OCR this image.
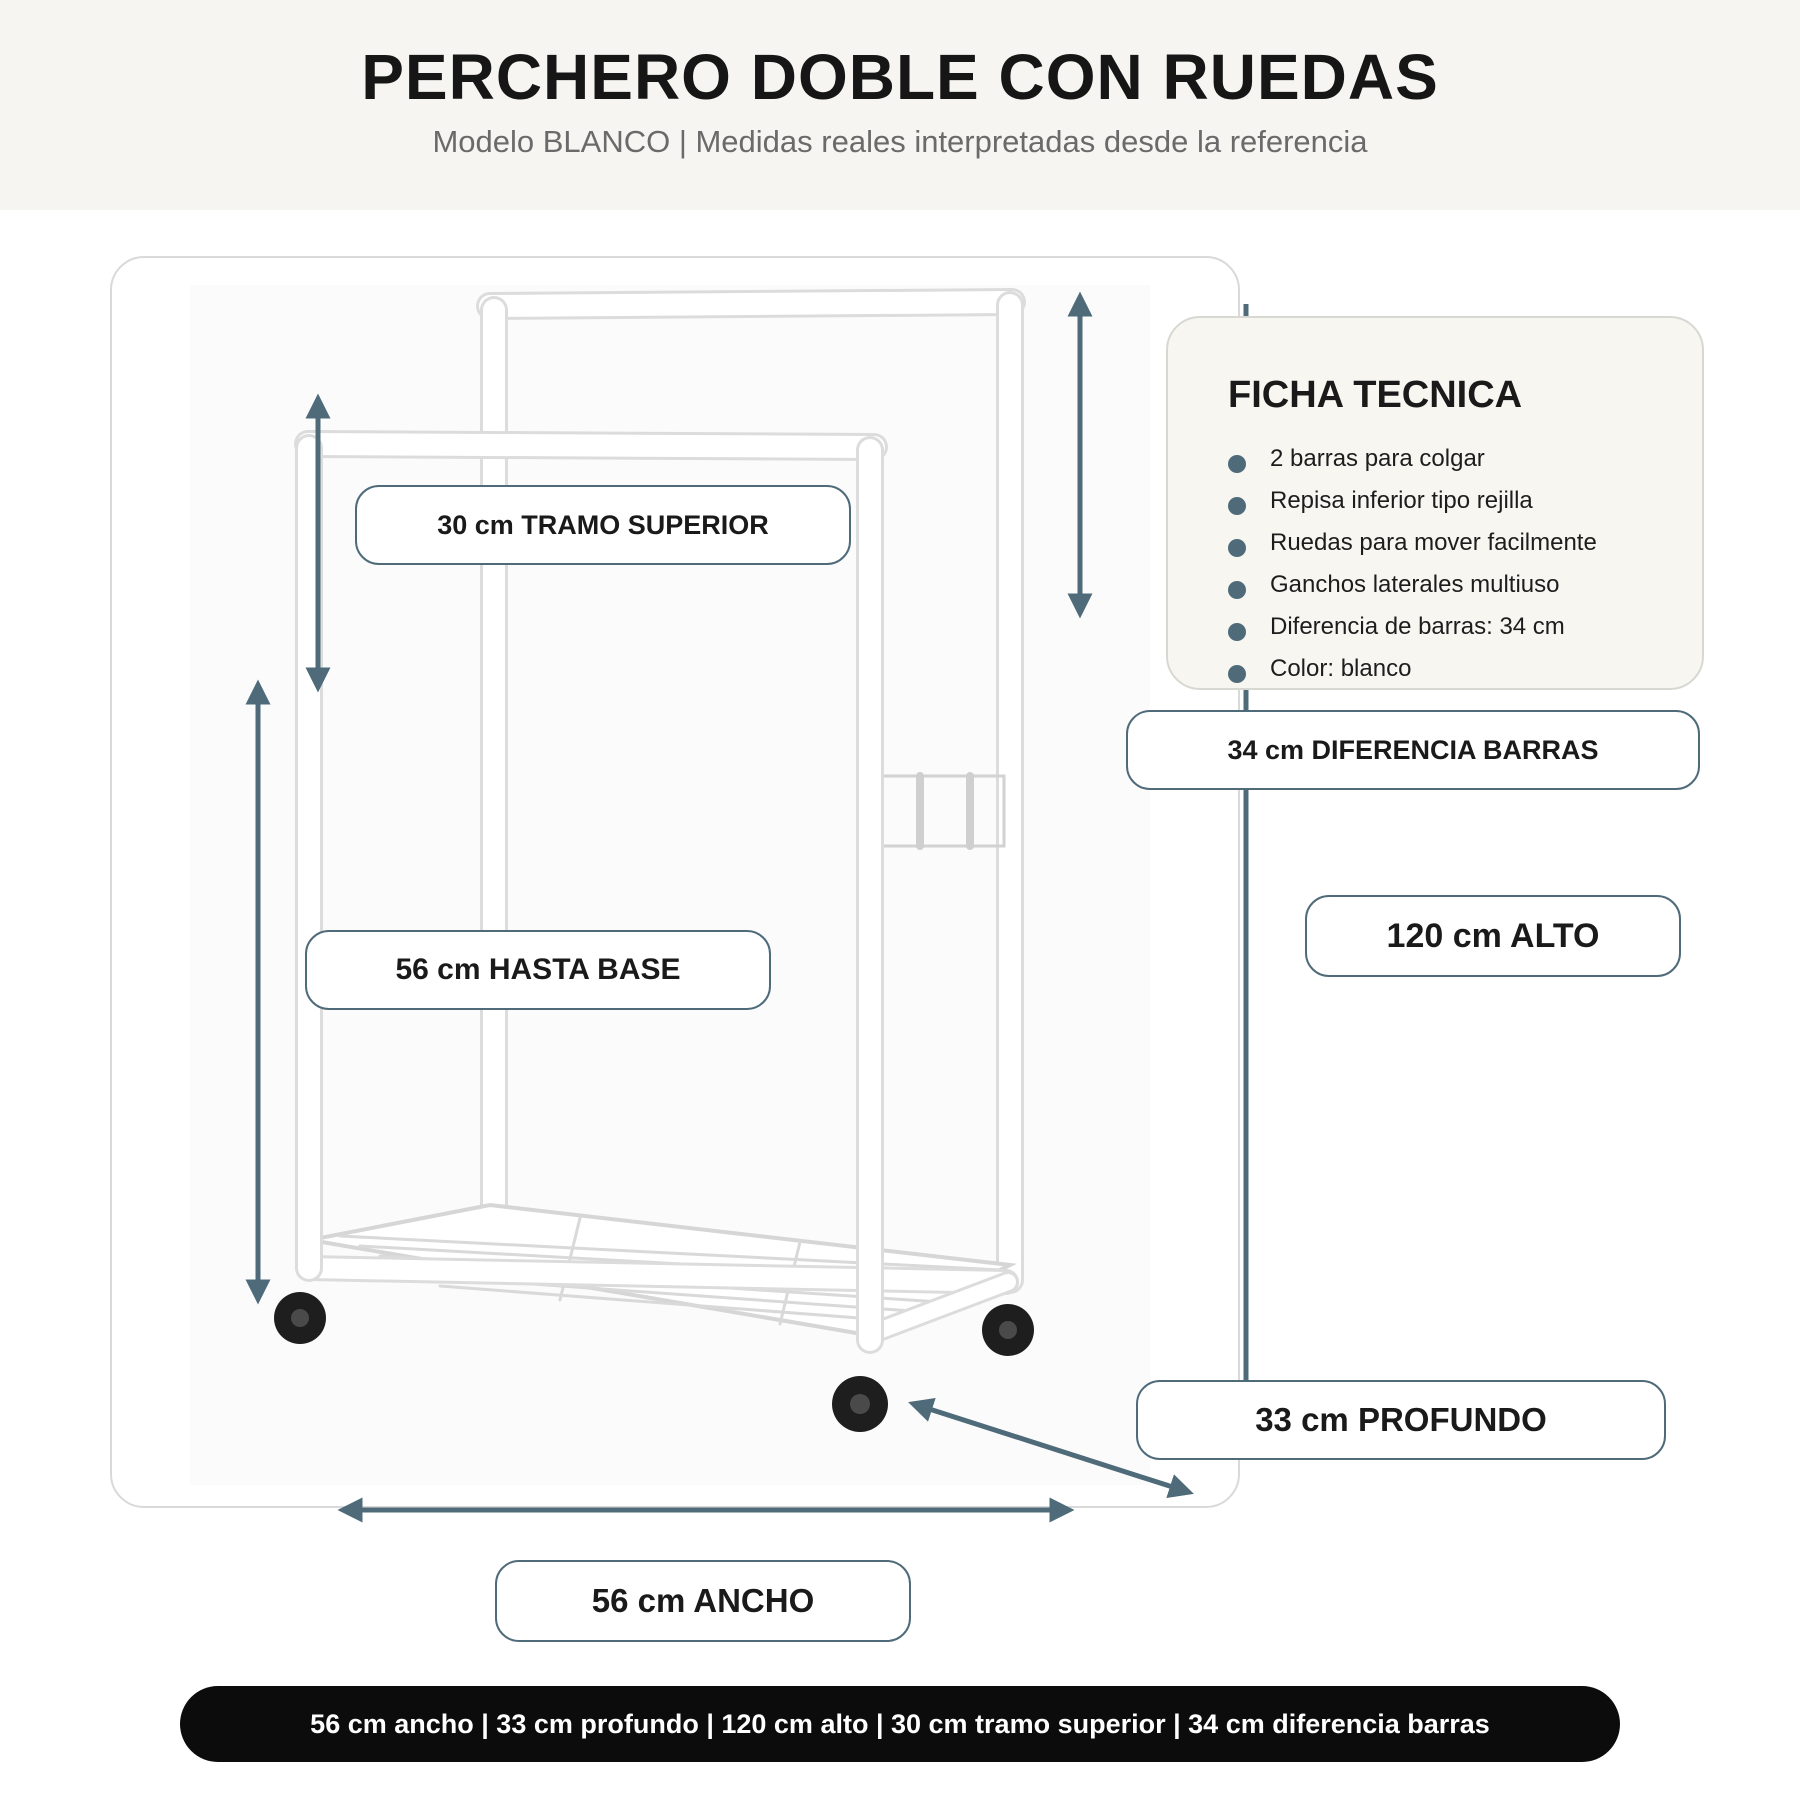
PERCHERO DOBLE CON RUEDAS
Modelo BLANCO | Medidas reales interpretadas desde la referencia
FICHA TECNICA
2 barras para colgar
Repisa inferior tipo rejilla
Ruedas para mover facilmente
Ganchos laterales multiuso
Diferencia de barras: 34 cm
Color: blanco
30 cm TRAMO SUPERIOR
56 cm HASTA BASE
34 cm DIFERENCIA BARRAS
120 cm ALTO
33 cm PROFUNDO
56 cm ANCHO
56 cm ancho | 33 cm profundo | 120 cm alto | 30 cm tramo superior | 34 cm diferencia barras
